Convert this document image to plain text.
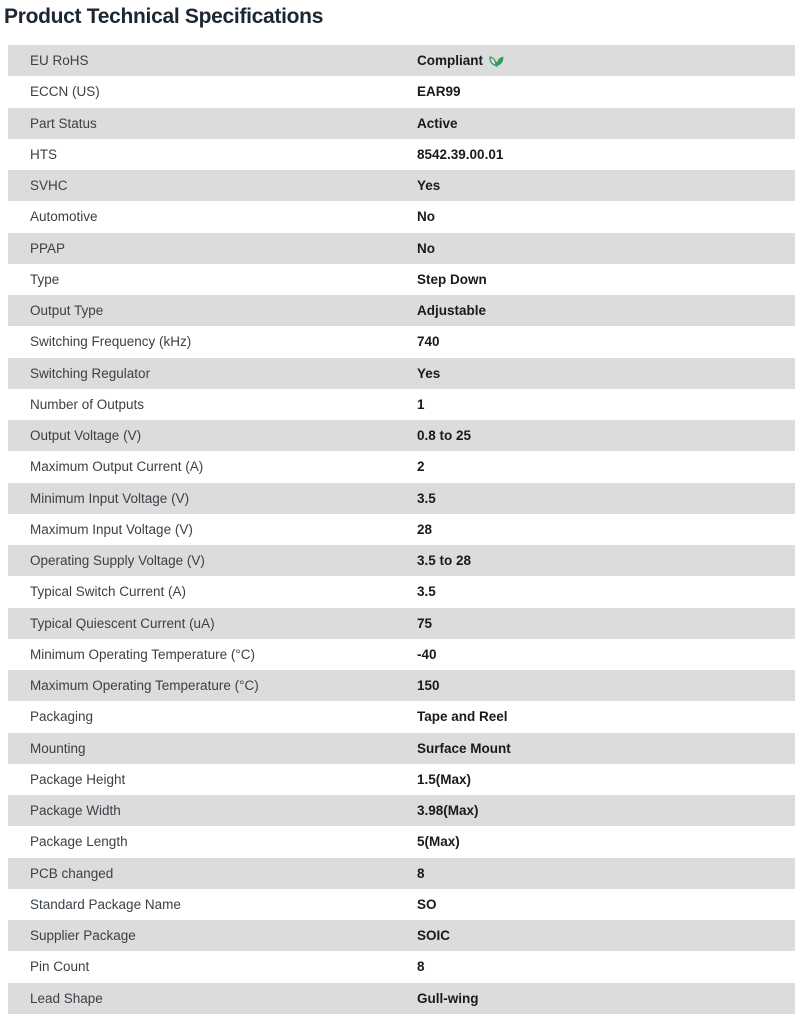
Product Technical Specifications
EU RoHS	Compliant
ECCN (US)	EAR99
Part Status	Active
HTS	8542.39.00.01
SVHC	Yes
Automotive	No
PPAP	No
Type	Step Down
Output Type	Adjustable
Switching Frequency (kHz)	740
Switching Regulator	Yes
Number of Outputs	1
Output Voltage (V)	0.8 to 25
Maximum Output Current (A)	2
Minimum Input Voltage (V)	3.5
Maximum Input Voltage (V)	28
Operating Supply Voltage (V)	3.5 to 28
Typical Switch Current (A)	3.5
Typical Quiescent Current (uA)	75
Minimum Operating Temperature (°C)	-40
Maximum Operating Temperature (°C)	150
Packaging	Tape and Reel
Mounting	Surface Mount
Package Height	1.5(Max)
Package Width	3.98(Max)
Package Length	5(Max)
PCB changed	8
Standard Package Name	SO
Supplier Package	SOIC
Pin Count	8
Lead Shape	Gull-wing
